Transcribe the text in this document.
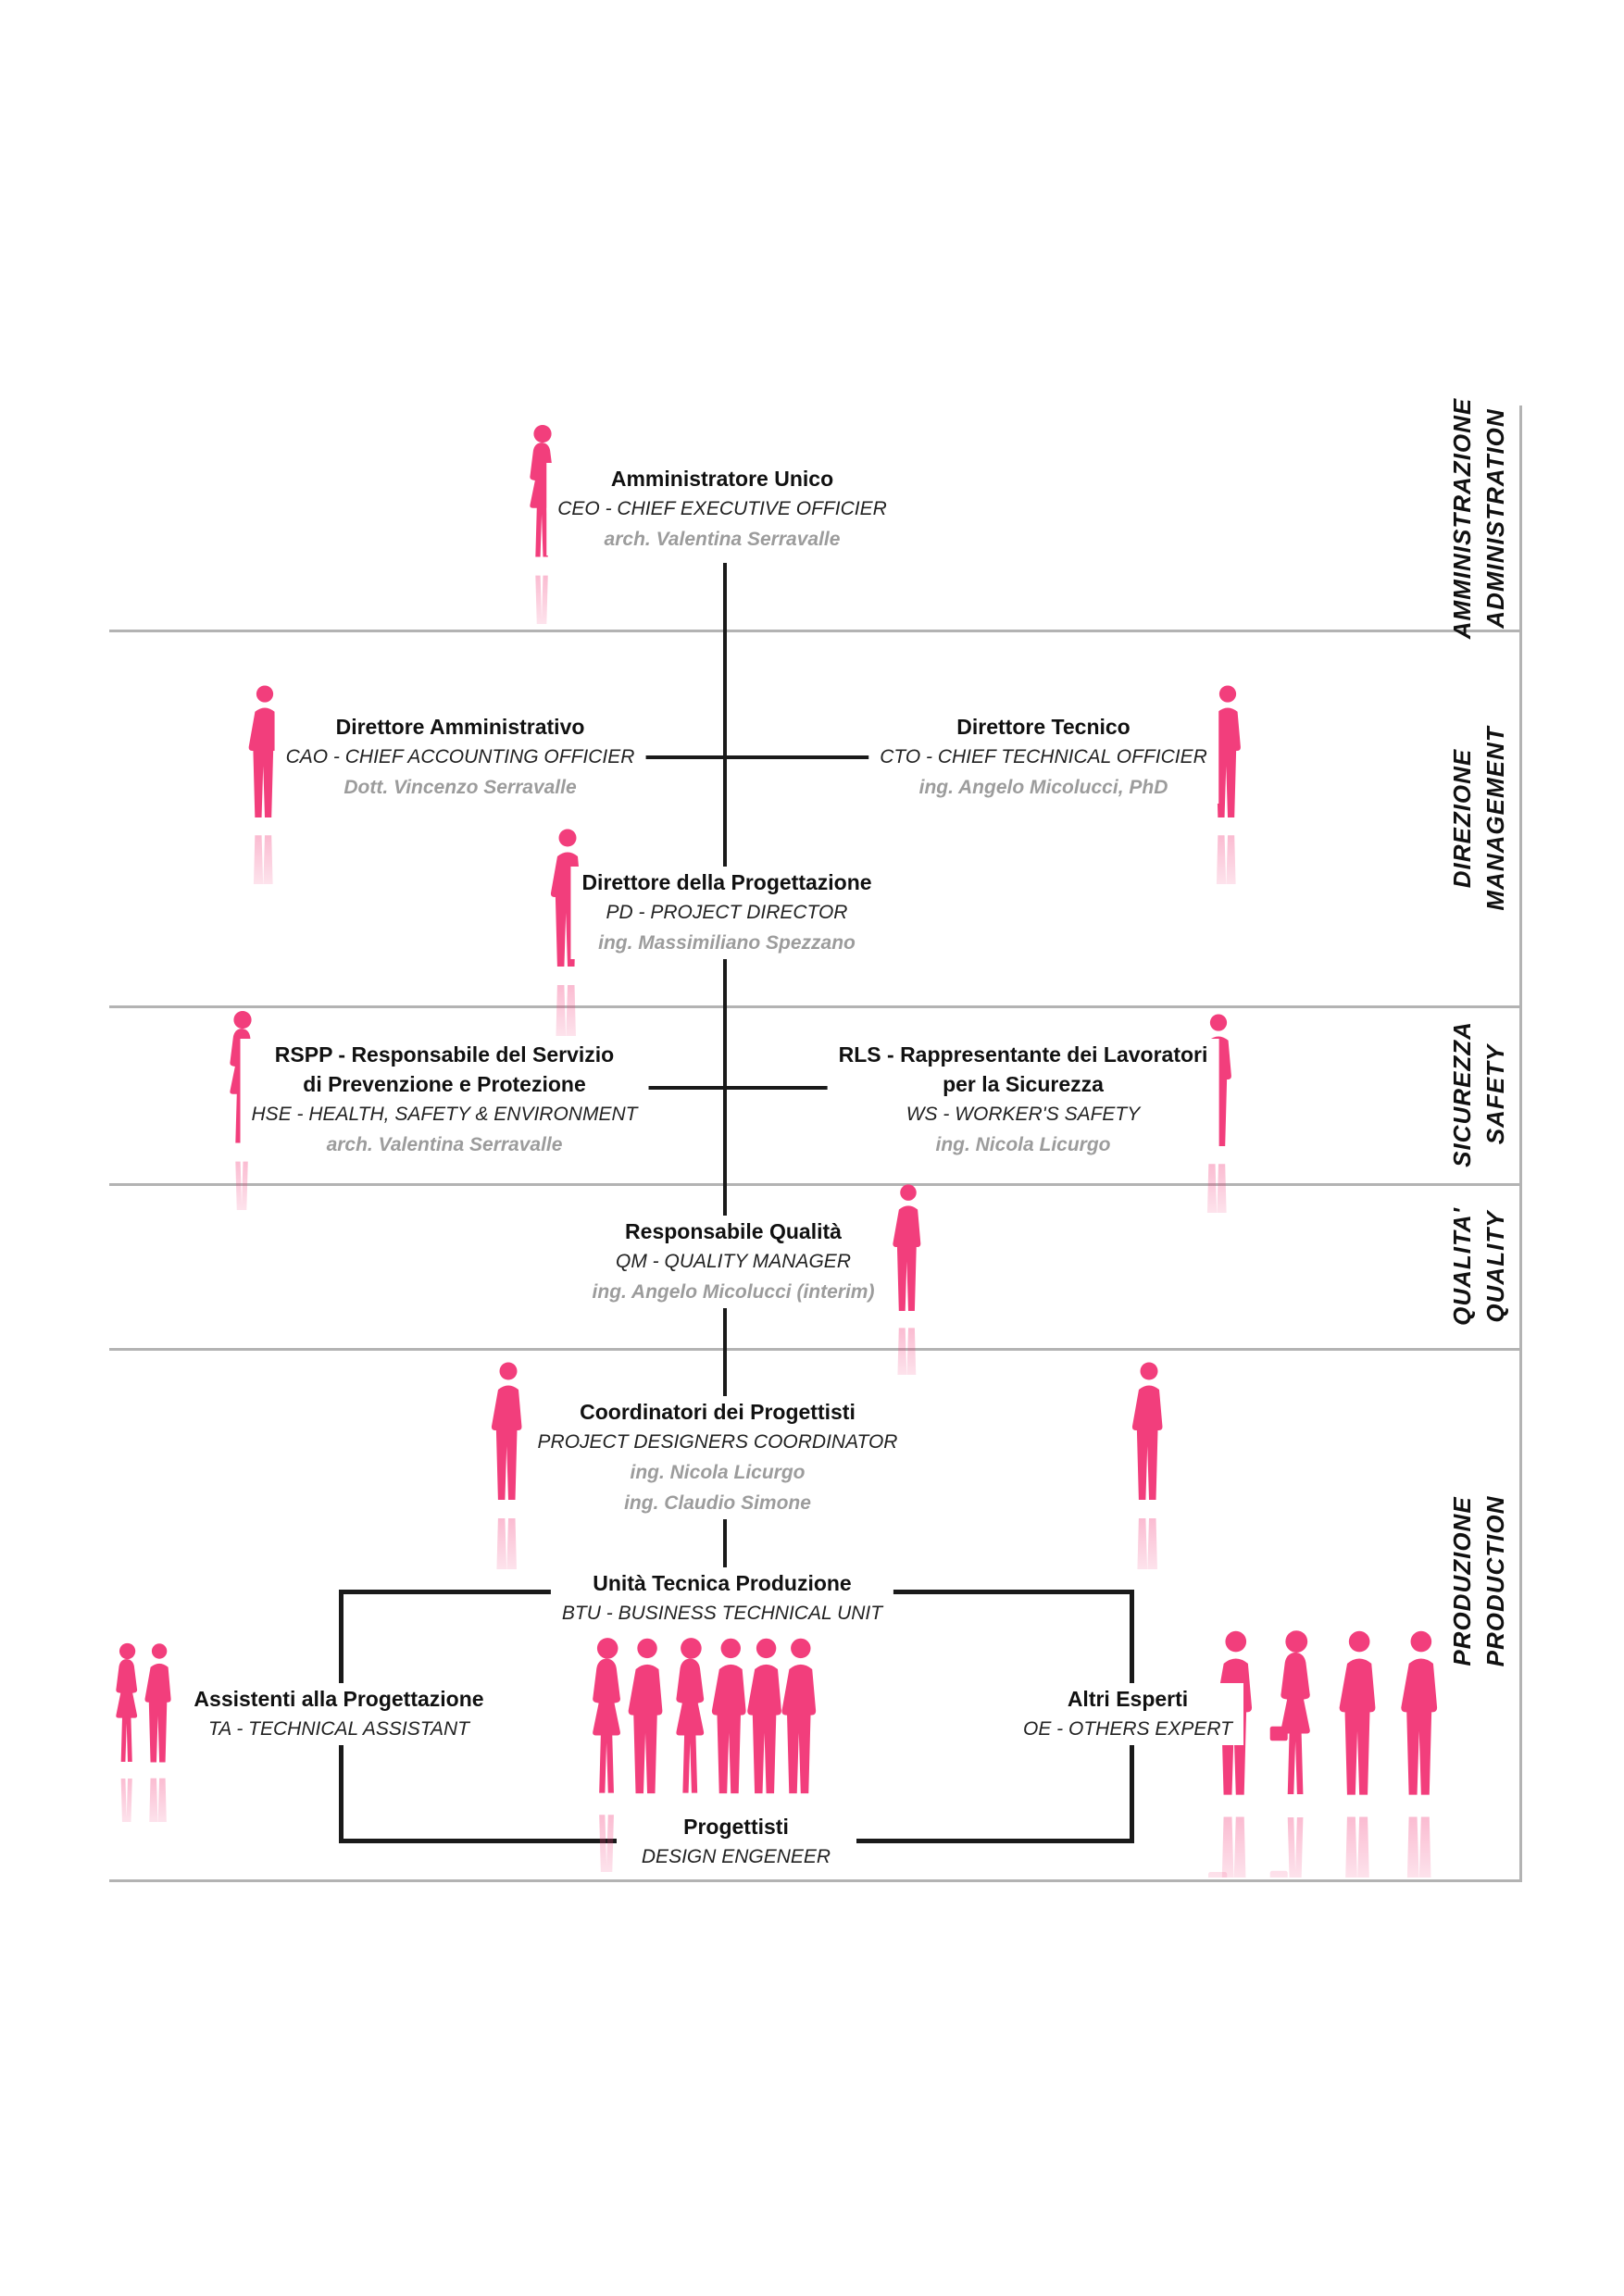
AMMINISTRAZIONE ADMINISTRATION
DIREZIONE MANAGEMENT
SICUREZZA SAFETY
QUALITA' QUALITY
PRODUZIONE PRODUCTION
Amministratore Unico
CEO - CHIEF EXECUTIVE OFFICIER
arch. Valentina Serravalle
Direttore Amministrativo
CAO - CHIEF ACCOUNTING OFFICIER
Dott. Vincenzo Serravalle
Direttore Tecnico
CTO - CHIEF TECHNICAL OFFICIER
ing. Angelo Micolucci, PhD
Direttore della Progettazione
PD - PROJECT DIRECTOR
ing. Massimiliano Spezzano
RSPP - Responsabile del Servizio
di Prevenzione e Protezione
HSE - HEALTH, SAFETY & ENVIRONMENT
arch. Valentina Serravalle
RLS - Rappresentante dei Lavoratori
per la Sicurezza
WS - WORKER'S SAFETY
ing. Nicola Licurgo
Responsabile Qualità
QM - QUALITY MANAGER
ing. Angelo Micolucci (interim)
Coordinatori dei Progettisti
PROJECT DESIGNERS COORDINATOR
ing. Nicola Licurgo
ing. Claudio Simone
Unità Tecnica Produzione
BTU - BUSINESS TECHNICAL UNIT
Assistenti alla Progettazione
TA - TECHNICAL ASSISTANT
Altri Esperti
OE - OTHERS EXPERT
Progettisti
DESIGN ENGENEER
